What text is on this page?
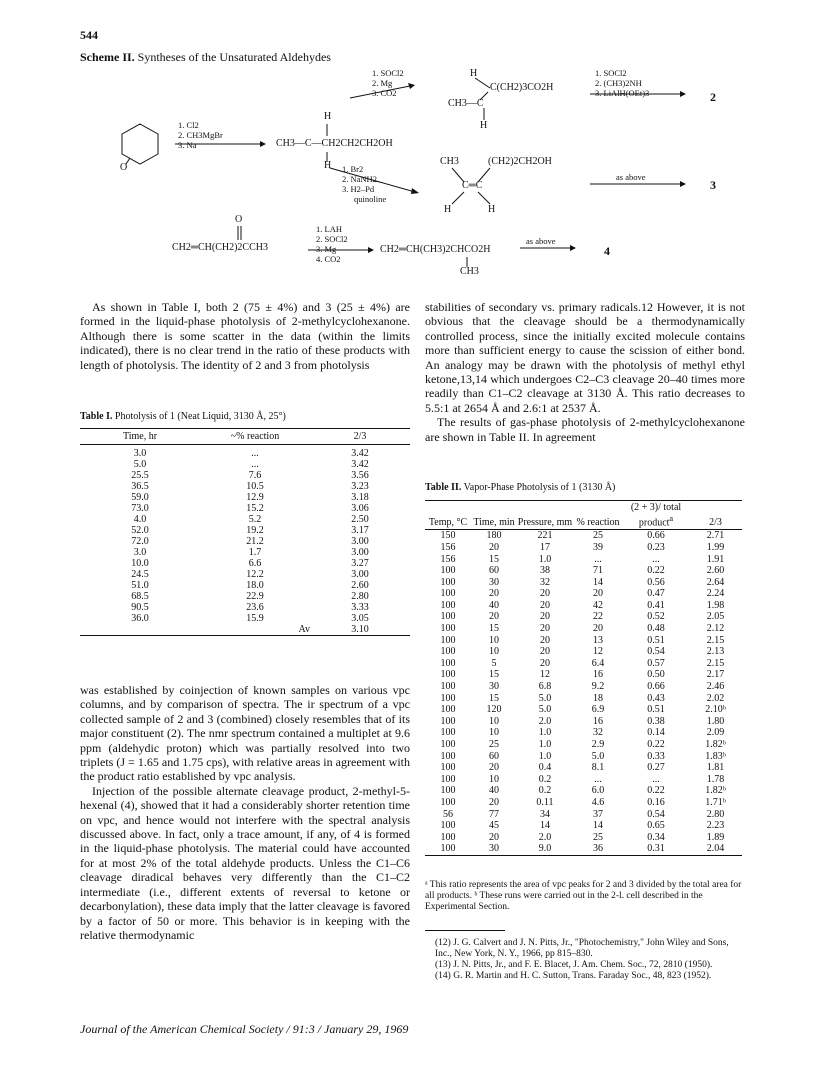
544
Scheme II. Syntheses of the Unsaturated Aldehydes
O
1. Cl2
2. CH3MgBr
3. Na
H
CH3—C—CH2CH2CH2OH
H
1. SOCl2
2. Mg
3. CO2
H
C(CH2)3CO2H
CH3—C
H
1. SOCl2
2. (CH3)2NH
3. LiAlH(OEt)3	2
1. Br2
2. NaNH2
3. H2–Pd
quinoline
CH3	(CH2)2CH2OH
C═C
H	H
as above
3
O
CH2═CH(CH2)2CCH3
1. LAH
2. SOCl2
3. Mg
4. CO2
CH2═CH(CH3)2CHCO2H
CH3
as above
4

As shown in Table I, both 2 (75 ± 4%) and 3 (25 ± 4%) are formed in the liquid-phase photolysis of 2-methylcyclohexanone. Although there is some scatter in the data (within the limits indicated), there is no clear trend in the ratio of these products with length of photolysis. The identity of 2 and 3 from photolysis

Table I. Photolysis of 1 (Neat Liquid, 3130 Å, 25°)
Time, hr	~% reaction	2/3
3.0	...	3.42
5.0	...	3.42
25.5	7.6	3.56
36.5	10.5	3.23
59.0	12.9	3.18
73.0	15.2	3.06
4.0	5.2	2.50
52.0	19.2	3.17
72.0	21.2	3.00
3.0	1.7	3.00
10.0	6.6	3.27
24.5	12.2	3.00
51.0	18.0	2.60
68.5	22.9	2.80
90.5	23.6	3.33
36.0	15.9	3.05
	Av	3.10

was established by coinjection of known samples on various vpc columns, and by comparison of spectra. The ir spectrum of a vpc collected sample of 2 and 3 (combined) closely resembles that of its major constituent (2). The nmr spectrum contained a multiplet at 9.6 ppm (aldehydic proton) which was partially resolved into two triplets (J = 1.65 and 1.75 cps), with relative areas in agreement with the product ratio established by vpc analysis.

Injection of the possible alternate cleavage product, 2-methyl-5-hexenal (4), showed that it had a considerably shorter retention time on vpc, and hence would not interfere with the spectral analysis discussed above. In fact, only a trace amount, if any, of 4 is formed in the liquid-phase photolysis. The material could have accounted for at most 2% of the total aldehyde products. Unless the C1–C6 cleavage diradical behaves very differently than the C1–C2 intermediate (i.e., different extents of reversal to ketone or decarbonylation), these data imply that the latter cleavage is favored by a factor of 50 or more. This behavior is in keeping with the relative thermodynamic

stabilities of secondary vs. primary radicals.12 However, it is not obvious that the cleavage should be a thermodynamically controlled process, since the initially excited molecule contains more than sufficient energy to cause the scission of either bond. An analogy may be drawn with the photolysis of methyl ethyl ketone,13,14 which undergoes C2–C3 cleavage 20–40 times more readily than C1–C2 cleavage at 3130 Å. This ratio decreases to 5.5:1 at 2654 Å and 2.6:1 at 2537 Å.

The results of gas-phase photolysis of 2-methylcyclohexanone are shown in Table II. In agreement

Table II. Vapor-Phase Photolysis of 1 (3130 Å)
Temp, °C	Time, min	Pressure, mm	% reaction	(2 + 3)/ total product$^a$	2/3
150	180	221	25	0.66	2.71
156	20	17	39	0.23	1.99
156	15	1.0	...	...	1.91
100	60	38	71	0.22	2.60
100	30	32	14	0.56	2.64
100	20	20	20	0.47	2.24
100	40	20	42	0.41	1.98
100	20	20	22	0.52	2.05
100	15	20	20	0.48	2.12
100	10	20	13	0.51	2.15
100	10	20	12	0.54	2.13
100	5	20	6.4	0.57	2.15
100	15	12	16	0.50	2.17
100	30	6.8	9.2	0.66	2.46
100	15	5.0	18	0.43	2.02
100	120	5.0	6.9	0.51	2.10ᵇ
100	10	2.0	16	0.38	1.80
100	10	1.0	32	0.14	2.09
100	25	1.0	2.9	0.22	1.82ᵇ
100	60	1.0	5.0	0.33	1.83ᵇ
100	20	0.4	8.1	0.27	1.81
100	10	0.2	...	...	1.78
100	40	0.2	6.0	0.22	1.82ᵇ
100	20	0.11	4.6	0.16	1.71ᵇ
56	77	34	37	0.54	2.80
100	45	14	14	0.65	2.23
100	20	2.0	25	0.34	1.89
100	30	9.0	36	0.31	2.04
ᵃ This ratio represents the area of vpc peaks for 2 and 3 divided by the total area for all products. ᵇ These runs were carried out in the 2-l. cell described in the Experimental Section.
(12) J. G. Calvert and J. N. Pitts, Jr., "Photochemistry," John Wiley and Sons, Inc., New York, N. Y., 1966, pp 815–830.
(13) J. N. Pitts, Jr., and F. E. Blacet, J. Am. Chem. Soc., 72, 2810 (1950).
(14) G. R. Martin and H. C. Sutton, Trans. Faraday Soc., 48, 823 (1952).
Journal of the American Chemical Society / 91:3 / January 29, 1969
